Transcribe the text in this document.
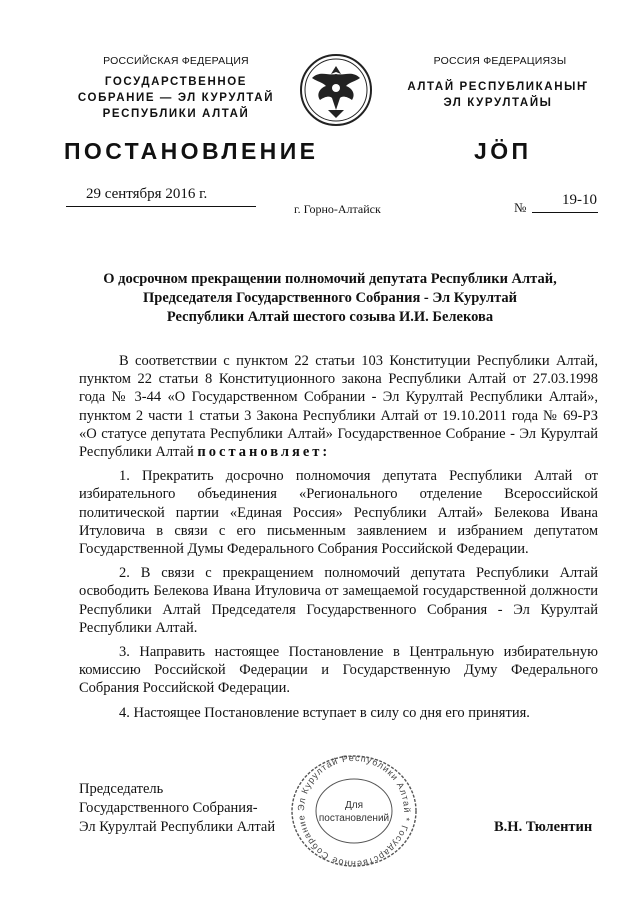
РОССИЙСКАЯ ФЕДЕРАЦИЯ
ГОСУДАРСТВЕННОЕ
СОБРАНИЕ — ЭЛ КУРУЛТАЙ
РЕСПУБЛИКИ АЛТАЙ
РОССИЯ ФЕДЕРАЦИЯЗЫ
АЛТАЙ РЕСПУБЛИКАНЫҤ
ЭЛ КУРУЛТАЙЫ
ПОСТАНОВЛЕНИЕ	JӦП
29 сентября 2016 г.
г. Горно-Алтайск	№ 19-10
О досрочном прекращении полномочий депутата Республики Алтай,
Председателя Государственного Собрания - Эл Курултай
Республики Алтай шестого созыва И.И. Белекова

В соответствии с пунктом 22 статьи 103 Конституции Республики Алтай, пунктом 22 статьи 8 Конституционного закона Республики Алтай от 27.03.1998 года № 3-44 «О Государственном Собрании - Эл Курултай Республики Алтай», пунктом 2 части 1 статьи 3 Закона Республики Алтай от 19.10.2011 года № 69-РЗ «О статусе депутата Республики Алтай» Государственное Собрание - Эл Курултай Республики Алтай постановляет:

1. Прекратить досрочно полномочия депутата Республики Алтай от избирательного объединения «Регионального отделение Всероссийской политической партии «Единая Россия» Республики Алтай» Белекова Ивана Итуловича в связи с его письменным заявлением и избранием депутатом Государственной Думы Федерального Собрания Российской Федерации.

2. В связи с прекращением полномочий депутата Республики Алтай освободить Белекова Ивана Итуловича от замещаемой государственной должности Республики Алтай Председателя Государственного Собрания - Эл Курултай Республики Алтай.

3. Направить настоящее Постановление в Центральную избирательную комиссию Российской Федерации и Государственную Думу Федерального Собрания Российской Федерации.

4. Настоящее Постановление вступает в силу со дня его принятия.

Председатель
Государственного Собрания-
Эл Курултай Республики Алтай
Эл Курултай Республики Алтай * Государственное Собрание
Для
постановлений
В.Н. Тюлентин
